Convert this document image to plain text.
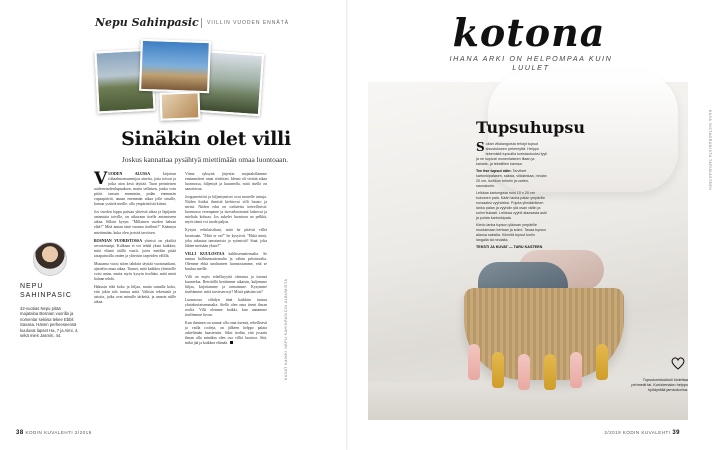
Nepu Sahinpasic VIILLIN VUODEN ENNÄTÄ
Sinäkin olet villi
Joskus kannattaa pysähtyä miettimään omaa luontoaan.
NEPU
SAHINPASIC
42-vuotias Nepu pitää majataloa Bosnian vuorilla ja nomenlar sekiisa tekee Ebbit Savasa. Hänen perheeseensä kuuluvat lapset Ha, 7 ja Aimi, 4, sekä mies Jasmin, 44.

VUODEN ALUSSA	kirjoitan riihaalmomaaentijoa aineita, joita toivon ja jotka aion kesä täyttää. Tuon perinteisen uudenvuodenlupauksen, mutta sellaisen, jonka voin pitää: tanssin enemmän, pidän enemmän vapaapäiviä, annan enemmän aikaa jolle omalle, kutsun ystäviä meille, olla ympäristöstä kiinni.

Jos vuoden loppu paistaa yhteistä aikaa ja läpijärän antamista toiville, on aikavaan itselle antamiseen aikaa. Silloin kysyn: "Millainen vuoden haluan elää?" Mitä annan tänä vuonna itselleni?" Käännyn miettimään, kuka olen ja mitä tarvitsen.

BOSNIAN VUORISTOSSA yhteisö on yksilöä arvostetumpi. Kulkaan ei voi tehdä yksin kaikkea, mitä elämä täällä vaatii, joten meidän pitää tasapainoilla omien ja yhteisön tarpeiden välillä.

Muutama vuosi sitten tahdoin täyttää vuosimatkani, ajattelin omaa aikaa. Tunnet, mitä kaikkea yhteisölle voisi antaa, mutta myös kysyin itseltäni, mitä minä haluan tehdä.

Hakusin elää koko ja hiljaa, mutta samalla koko, että jokin talo tuntuu mitä. Valitsin tekemisiä ja asioita, jotka ovat minulle tärkeitä, ja annoin niille aikaa.

Viime syksynä järjestin majatalollamme ensimmäiset omat retriittini. Ideani oli viettää aikaa luonnossa, hiljentyä ja kuunnella, mitä itsellä on sanottavaa.

Jooganretriitit ja hiljentymiset ovat monelle tuttuja. Niiden lisäksi ihmisiä kiehtovat villi luonto ja metsä. Niiden edut on todistettu tieteellisesti: luonnossa verenpaine ja stressihormonit laskevat ja mieliala kohoaa. Jos sukelet luontoon on pelkkä, myös tämä voi tuoda paljon.

Kysyin retkilaisiltani, mitä he pitävät villiä luontoaan. "Mitä se on?" he kysyivät. "Ehkä minä, joka rakastaa tanssimista ja syömistä? Sinä, joka lähtee metsään yksin?"

VILLI KUULOSTAA kahlitsemattomalta. Se tuntuu hallitsemattomalta ja vähän pelottavalta. Olemme ehkä unohtaneet luonnostamme, että se kuuluu meille.

Villi on myös rehellisyyttä olemista ja itsensä kuuntelua. Retriitillä heräämme aikaisin, kuljemme hiljaa, kirjoitamme ja tanssimme. Kysymme itseltämme: mitä tarvitsen nyt? Mistä päästän irti?

Luonnossa viihdyn tänä kaikkiin tuntuu yksinkertaisemmalta. Siellä olen oma itseni ilman roolia. Villi olemme kaikki, kun annamme itsellemme luvan.

Kun ihminen on saanut olla oma itsensä, rehellisesti ja vailla rooleja, on jälkeen helppo palata arkielämän haasteisiin. Siksi tiedän, että jossain ilman alla minäkin olen osa villiä luontoa. Sitä, mikä jää ja kaikkea elämää.	KUVAT KAIKKI NEPU SAHINPASICIN ALBUMISTA
38 KODIN KUVALEHTI 2/2019
kotona
IHANA ARKI ON HELPOMPAA KUIN LUULET
Tupsuhupsu

Soitari villalangoista tehdyt tupsut sisustukseen pehmeyttä. Helppo tekemistä tupsuilla koristautuuksi tyyli ja ne sopivat monenlaiseen tilaan ja kaluste- ja tekstiilien kanssa.

Tee itse tupsut näin: Tarvitset kartonkipalasen, saksia, villalankaa, neulan 20 cm, isohkon tuhmin ja varten, saunakorin.

Leikkaa kartongista noin 10 x 20 cm kokoinen pala. Kääri lanka palan ympärille runsaaksi vyyhdeksi. Pujota ylimääräinen lanka palan ja vyyhdin ylä osan väliin ja solmi tiukasti. Leikkaa vyyhti alaosasta auki ja poista kartonkipala.

Kiedo lanka tupsun yläosan ympärille muutamaan kertaan ja solmi. Tasaa tupsun alaosa saksilla. Kiinnitä tupsut koriin langalla tai neulalla.

TEKSTI JA KUVAT — TARU KASTEEN

Tupsukoriskukkoli kiolettaa pehmeät tai. Koriolemalon helppo hyödyntää jamsokorina.
KUVA INSTAGRAMISTA TARUKASTEEN
2/2019 KODIN KUVALEHTI 39
